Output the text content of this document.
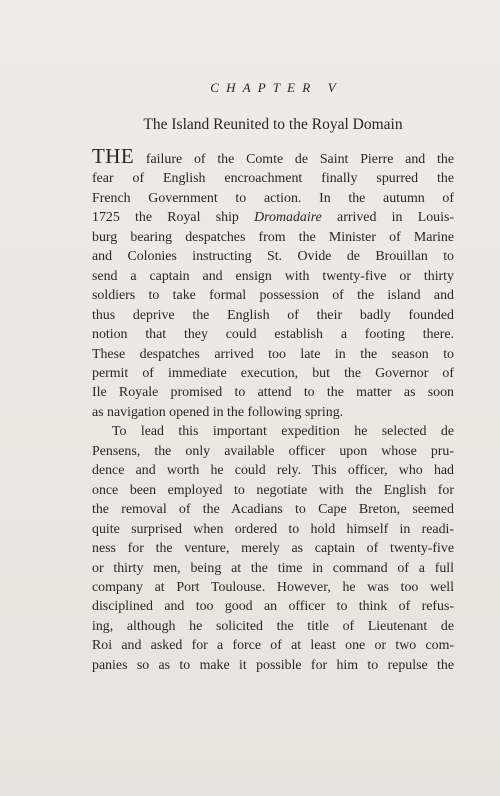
CHAPTER V
The Island Reunited to the Royal Domain

THE failure of the Comte de Saint Pierre and the
fear of English encroachment finally spurred the
French Government to action. In the autumn of
1725 the Royal ship Dromadaire arrived in Louis-
burg bearing despatches from the Minister of Marine
and Colonies instructing St. Ovide de Brouillan to
send a captain and ensign with twenty-five or thirty
soldiers to take formal possession of the island and
thus deprive the English of their badly founded
notion that they could establish a footing there.
These despatches arrived too late in the season to
permit of immediate execution, but the Governor of
Ile Royale promised to attend to the matter as soon
as navigation opened in the following spring.

To lead this important expedition he selected de
Pensens, the only available officer upon whose pru-
dence and worth he could rely. This officer, who had
once been employed to negotiate with the English for
the removal of the Acadians to Cape Breton, seemed
quite surprised when ordered to hold himself in readi-
ness for the venture, merely as captain of twenty-five
or thirty men, being at the time in command of a full
company at Port Toulouse. However, he was too well
disciplined and too good an officer to think of refus-
ing, although he solicited the title of Lieutenant de
Roi and asked for a force of at least one or two com-
panies so as to make it possible for him to repulse the
